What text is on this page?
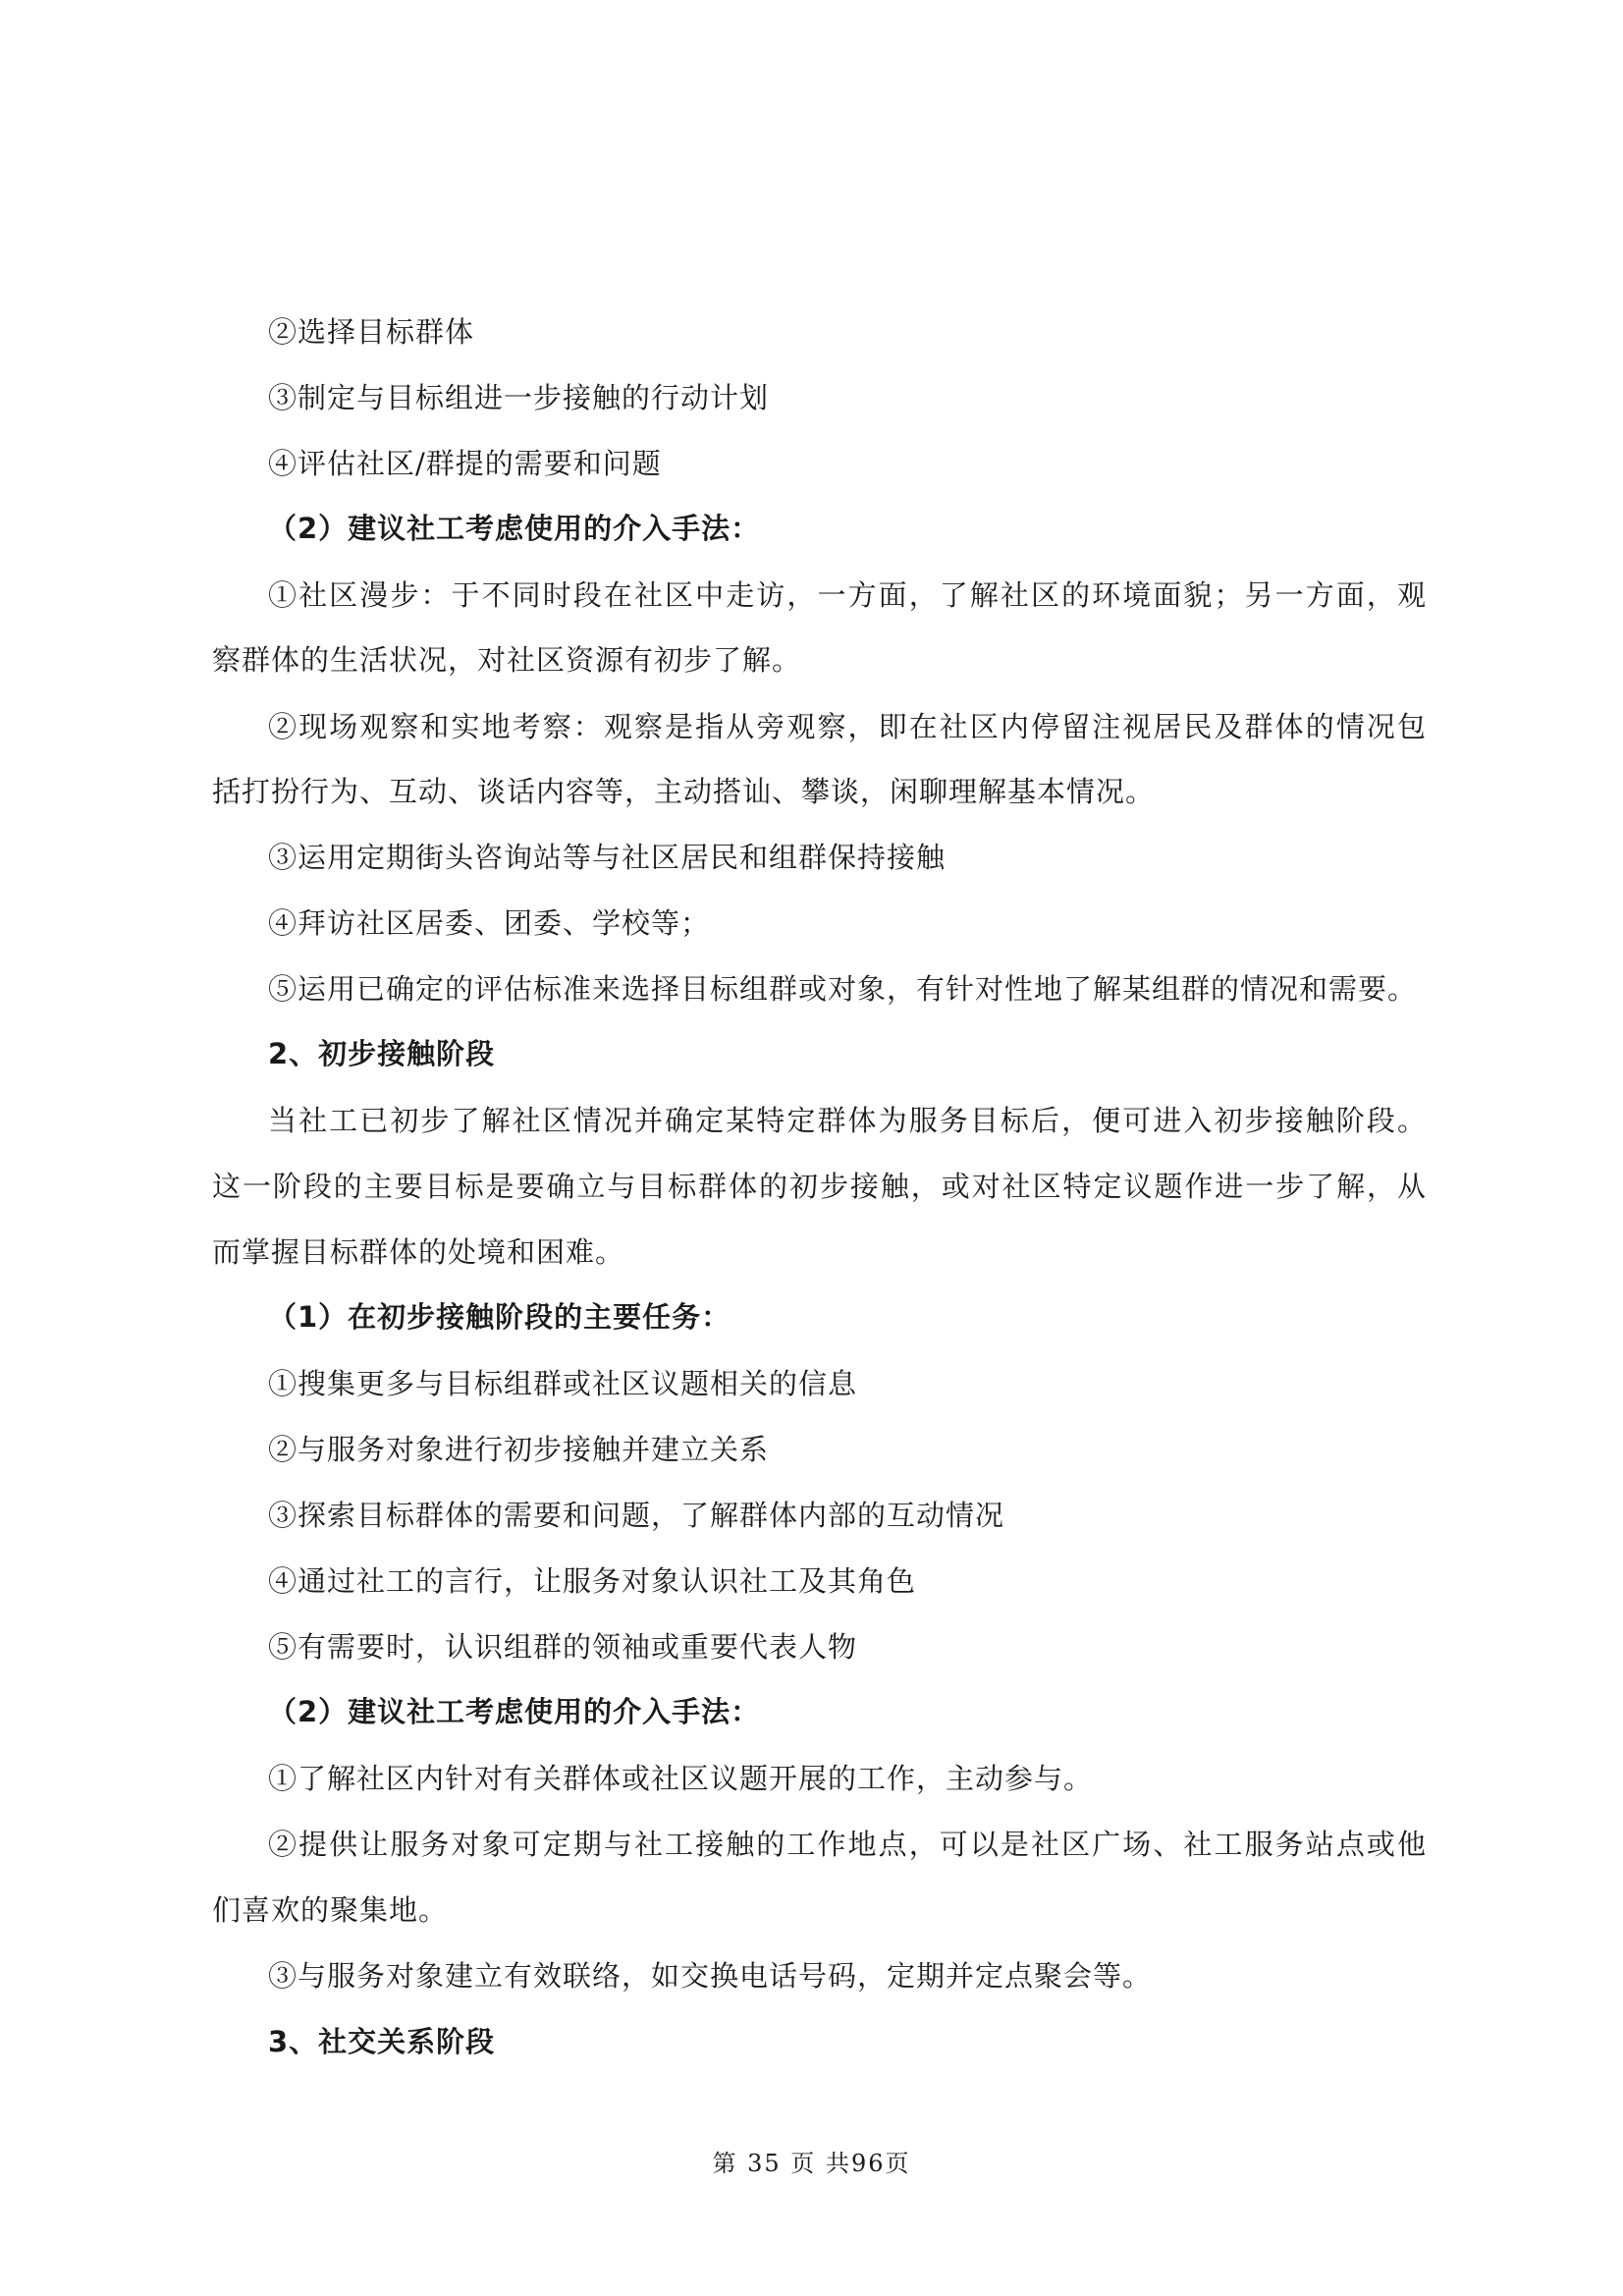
②选择目标群体
③制定与目标组进一步接触的行动计划
④评估社区/群提的需要和问题
（2）建议社工考虑使用的介入手法：
①社区漫步：于不同时段在社区中走访，一方面，了解社区的环境面貌；另一方面，观
察群体的生活状况，对社区资源有初步了解。
②现场观察和实地考察：观察是指从旁观察，即在社区内停留注视居民及群体的情况包
括打扮行为、互动、谈话内容等，主动搭讪、攀谈，闲聊理解基本情况。
③运用定期街头咨询站等与社区居民和组群保持接触
④拜访社区居委、团委、学校等；
⑤运用已确定的评估标准来选择目标组群或对象，有针对性地了解某组群的情况和需要。
2、初步接触阶段
当社工已初步了解社区情况并确定某特定群体为服务目标后，便可进入初步接触阶段。
这一阶段的主要目标是要确立与目标群体的初步接触，或对社区特定议题作进一步了解，从
而掌握目标群体的处境和困难。
（1）在初步接触阶段的主要任务：
①搜集更多与目标组群或社区议题相关的信息
②与服务对象进行初步接触并建立关系
③探索目标群体的需要和问题，了解群体内部的互动情况
④通过社工的言行，让服务对象认识社工及其角色
⑤有需要时，认识组群的领袖或重要代表人物
（2）建议社工考虑使用的介入手法：
①了解社区内针对有关群体或社区议题开展的工作，主动参与。
②提供让服务对象可定期与社工接触的工作地点，可以是社区广场、社工服务站点或他
们喜欢的聚集地。
③与服务对象建立有效联络，如交换电话号码，定期并定点聚会等。
3、社交关系阶段
第 35 页 共96页
